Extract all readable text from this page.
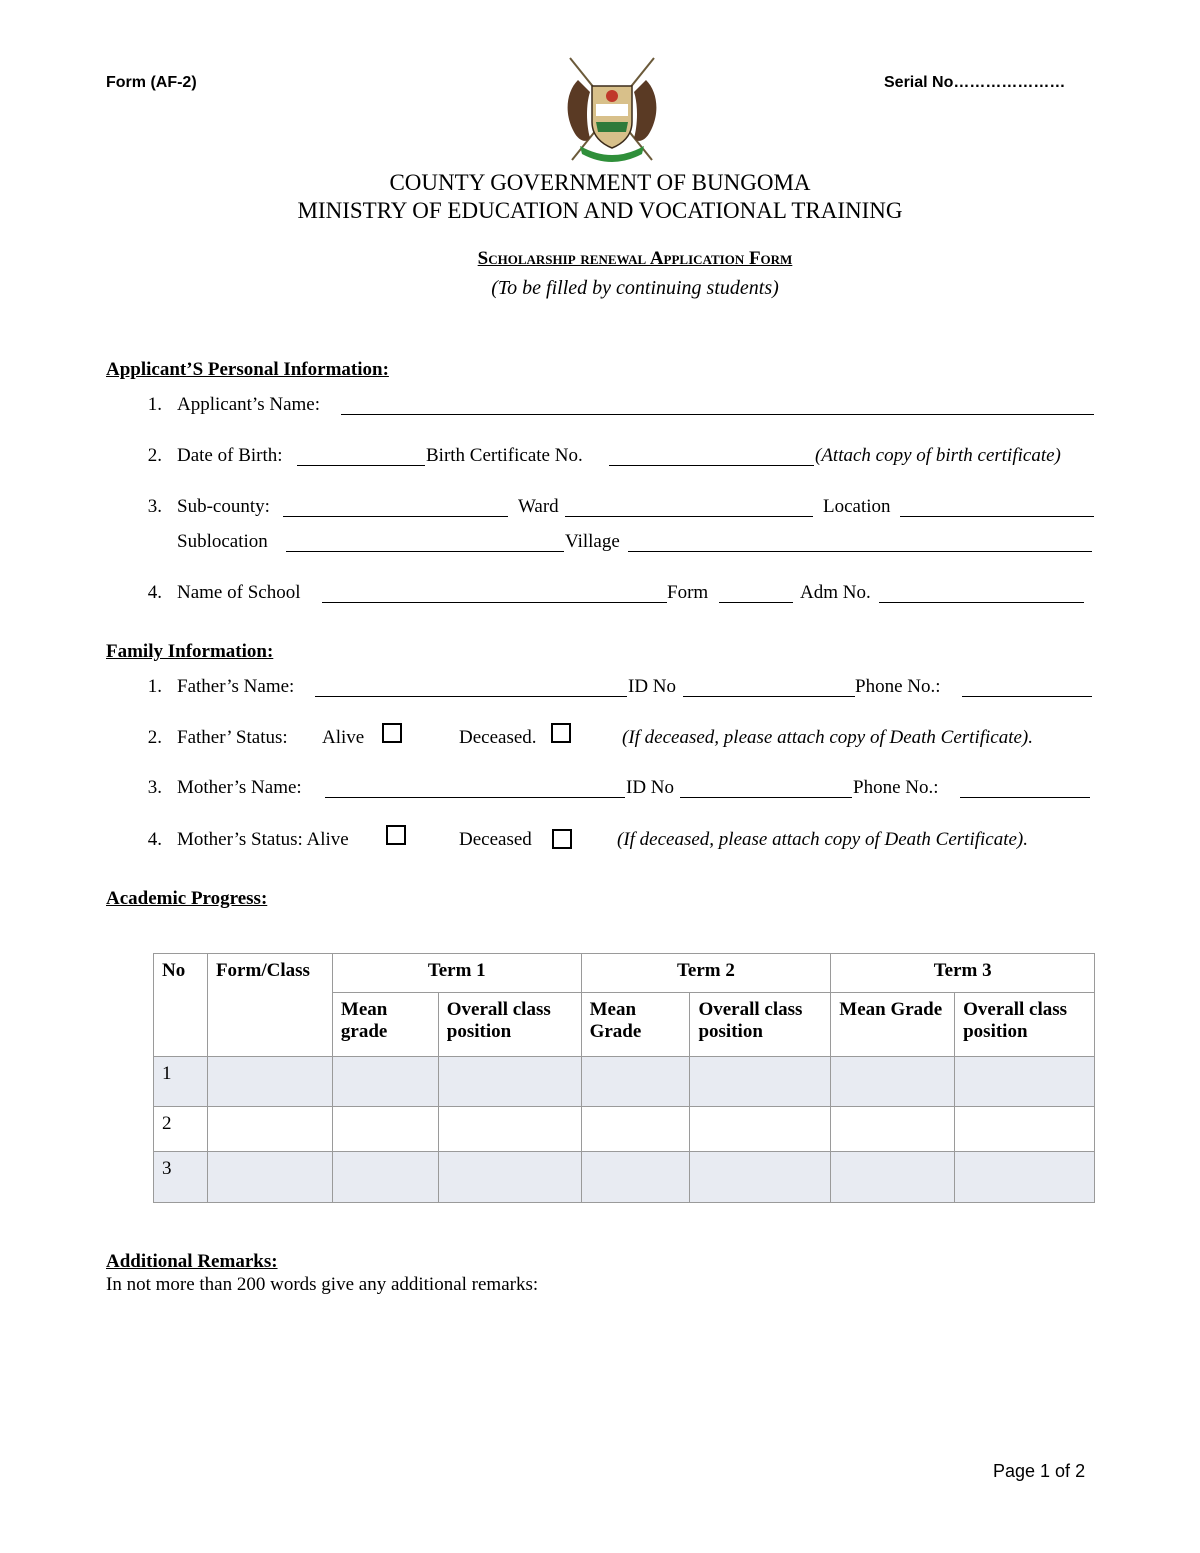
Form (AF-2)	Serial No…………………
COUNTY GOVERNMENT OF BUNGOMA
MINISTRY OF EDUCATION AND VOCATIONAL TRAINING
Scholarship renewal Application Form
(To be filled by continuing students)
Applicant’S Personal Information:
1. Applicant’s Name:
2. Date of Birth:	Birth Certificate No.	(Attach copy of birth certificate)
3. Sub-county:	Ward	Location
Sublocation	Village
4. Name of School	Form	Adm No.
Family Information:
1. Father’s Name:	ID No	Phone No.:
2. Father’ Status: Alive	Deceased.	(If deceased, please attach copy of Death Certificate).
3. Mother’s Name:	ID No	Phone No.:
4. Mother’s Status: Alive	Deceased	(If deceased, please attach copy of Death Certificate).
Academic Progress:
No	Form/Class	Term 1		Term 2		Term 3	
		Mean grade	Overall class position	Mean Grade	Overall class position	Mean Grade	Overall class position
1							
2							
3							
Additional Remarks:
In not more than 200 words give any additional remarks:
Page 1 of 2
